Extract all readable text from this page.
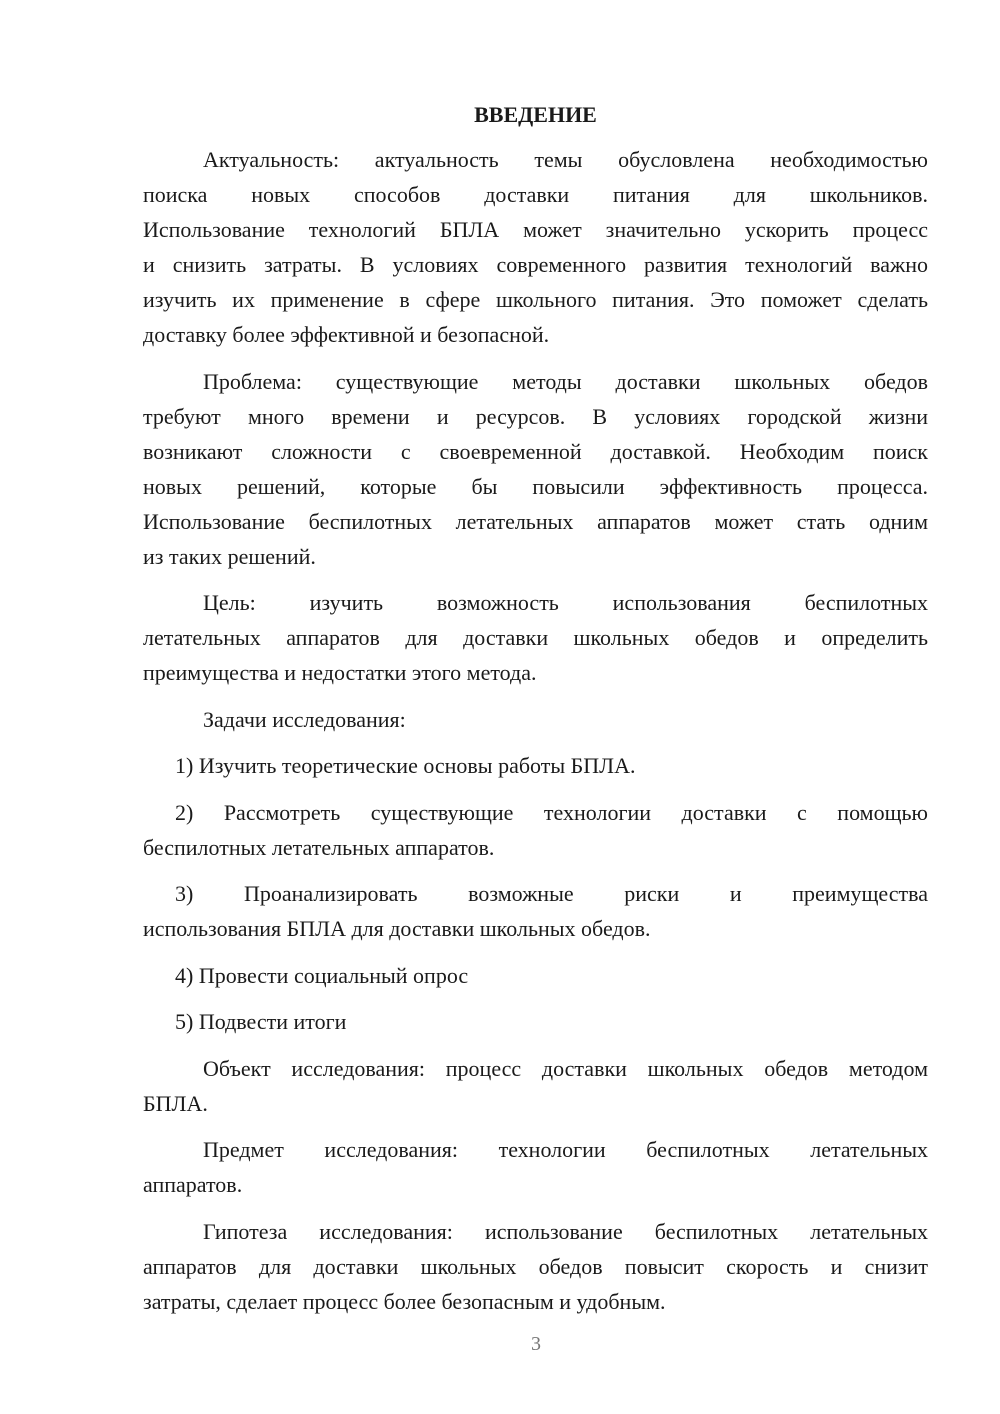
ВВЕДЕНИЕ
Актуальность: актуальность темы обусловлена необходимостью
поиска новых способов доставки питания для школьников.
Использование технологий БПЛА может значительно ускорить процесс
и снизить затраты. В условиях современного развития технологий важно
изучить их применение в сфере школьного питания. Это поможет сделать
доставку более эффективной и безопасной.
Проблема: существующие методы доставки школьных обедов
требуют много времени и ресурсов. В условиях городской жизни
возникают сложности с своевременной доставкой. Необходим поиск
новых решений, которые бы повысили эффективность процесса.
Использование беспилотных летательных аппаратов может стать одним
из таких решений.
Цель: изучить возможность использования беспилотных
летательных аппаратов для доставки школьных обедов и определить
преимущества и недостатки этого метода.
Задачи исследования:
1) Изучить теоретические основы работы БПЛА.
2) Рассмотреть существующие технологии доставки с помощью
беспилотных летательных аппаратов.
3) Проанализировать возможные риски и преимущества
использования БПЛА для доставки школьных обедов.
4) Провести социальный опрос
5) Подвести итоги
Объект исследования: процесс доставки школьных обедов методом
БПЛА.
Предмет исследования: технологии беспилотных летательных
аппаратов.
Гипотеза исследования: использование беспилотных летательных
аппаратов для доставки школьных обедов повысит скорость и снизит
затраты, сделает процесс более безопасным и удобным.
3
